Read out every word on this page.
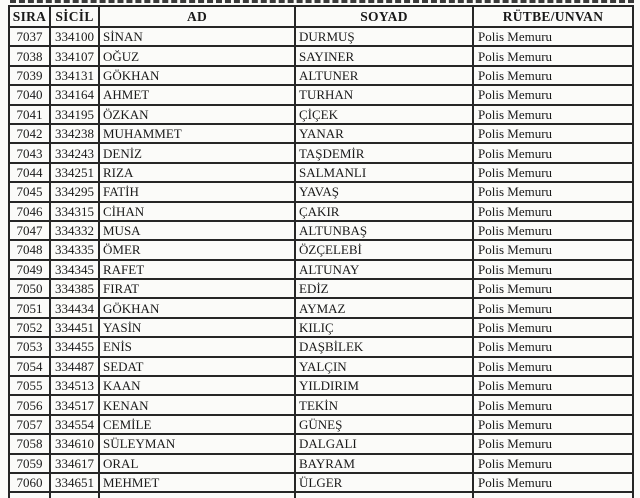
SIRA	SİCİL	AD	SOYAD	RÜTBE/UNVAN
7037	334100	SİNAN	DURMUŞ	Polis Memuru
7038	334107	OĞUZ	SAYINER	Polis Memuru
7039	334131	GÖKHAN	ALTUNER	Polis Memuru
7040	334164	AHMET	TURHAN	Polis Memuru
7041	334195	ÖZKAN	ÇİÇEK	Polis Memuru
7042	334238	MUHAMMET	YANAR	Polis Memuru
7043	334243	DENİZ	TAŞDEMİR	Polis Memuru
7044	334251	RIZA	SALMANLI	Polis Memuru
7045	334295	FATİH	YAVAŞ	Polis Memuru
7046	334315	CİHAN	ÇAKIR	Polis Memuru
7047	334332	MUSA	ALTUNBAŞ	Polis Memuru
7048	334335	ÖMER	ÖZÇELEBİ	Polis Memuru
7049	334345	RAFET	ALTUNAY	Polis Memuru
7050	334385	FIRAT	EDİZ	Polis Memuru
7051	334434	GÖKHAN	AYMAZ	Polis Memuru
7052	334451	YASİN	KILIÇ	Polis Memuru
7053	334455	ENİS	DAŞBİLEK	Polis Memuru
7054	334487	SEDAT	YALÇIN	Polis Memuru
7055	334513	KAAN	YILDIRIM	Polis Memuru
7056	334517	KENAN	TEKİN	Polis Memuru
7057	334554	CEMİLE	GÜNEŞ	Polis Memuru
7058	334610	SÜLEYMAN	DALGALI	Polis Memuru
7059	334617	ORAL	BAYRAM	Polis Memuru
7060	334651	MEHMET	ÜLGER	Polis Memuru
